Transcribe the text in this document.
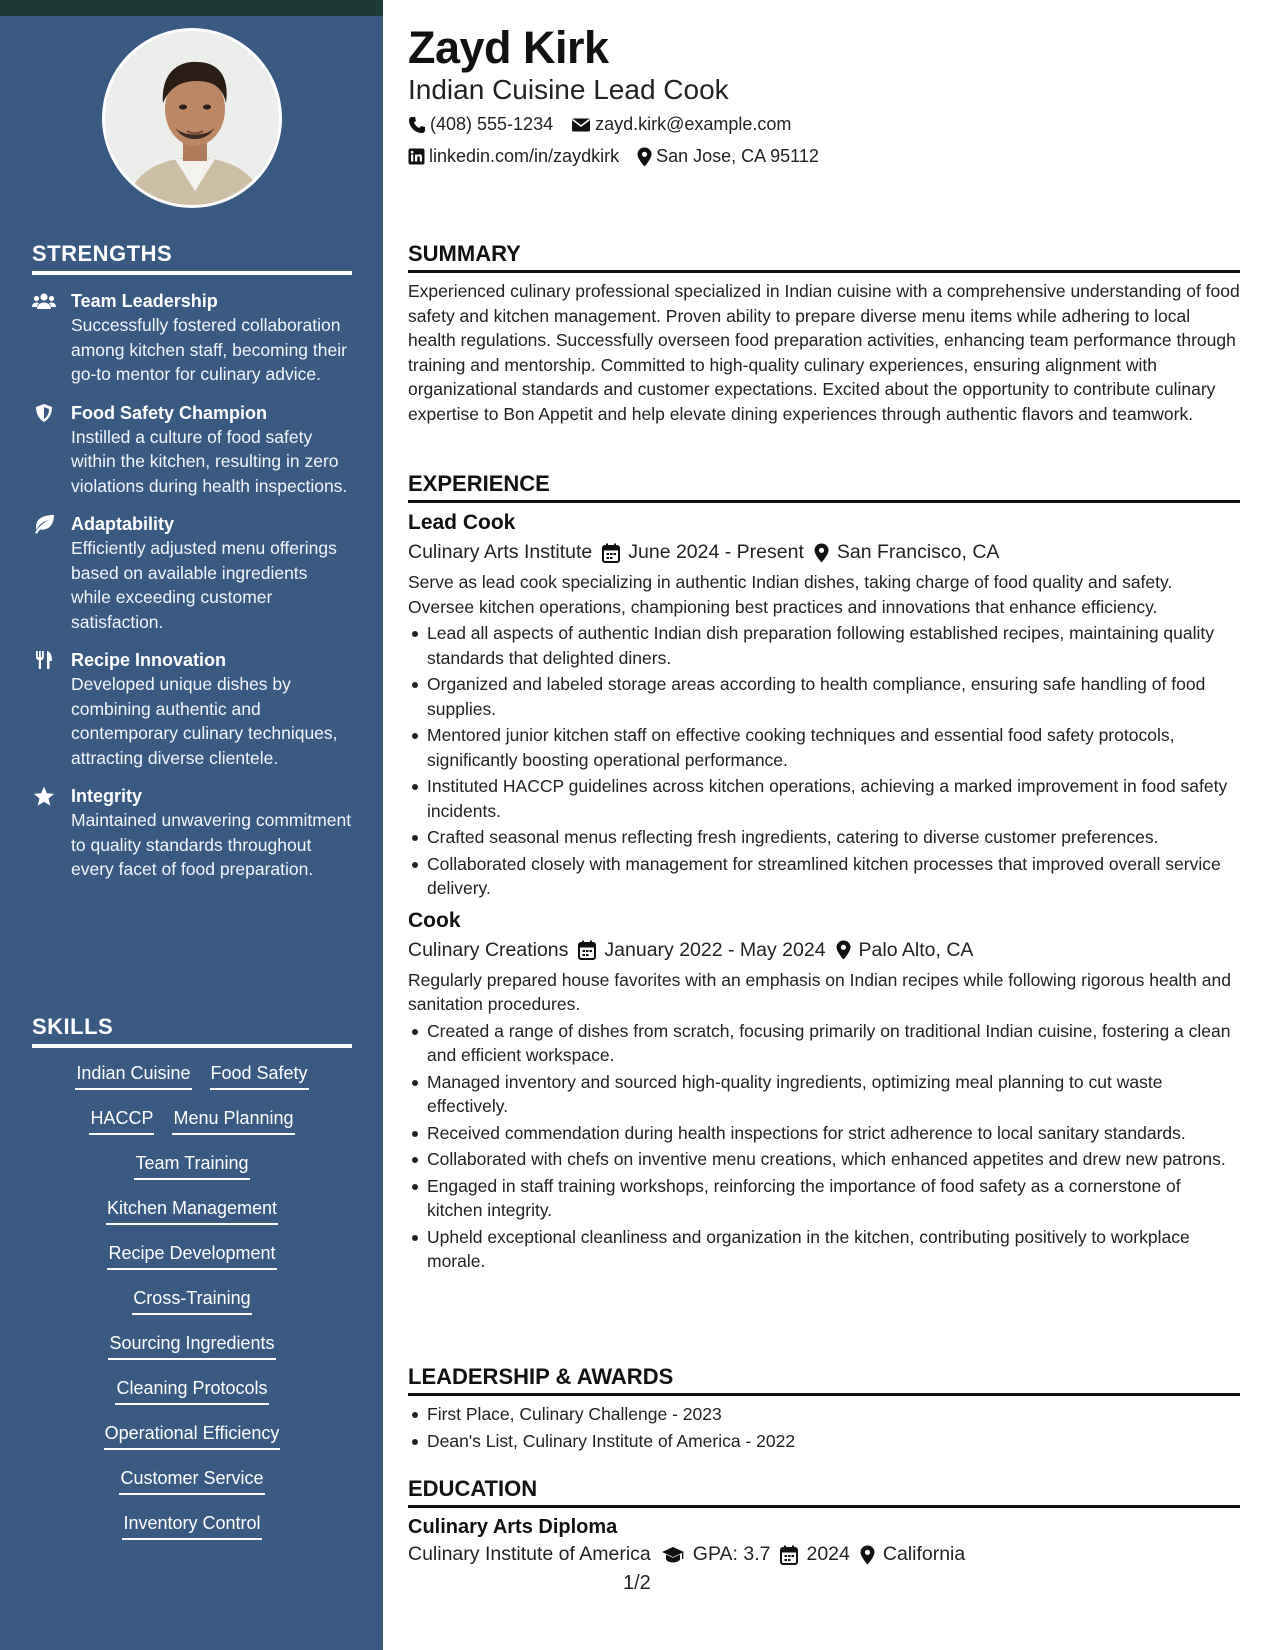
STRENGTHS
Team Leadership
Successfully fostered collaboration among kitchen staff, becoming their go-to mentor for culinary advice.
Food Safety Champion
Instilled a culture of food safety within the kitchen, resulting in zero violations during health inspections.
Adaptability
Efficiently adjusted menu offerings based on available ingredients while exceeding customer satisfaction.
Recipe Innovation
Developed unique dishes by combining authentic and contemporary culinary techniques, attracting diverse clientele.
Integrity
Maintained unwavering commitment to quality standards throughout every facet of food preparation.
SKILLS
Indian Cuisine Food Safety
HACCP Menu Planning
Team Training
Kitchen Management
Recipe Development
Cross-Training
Sourcing Ingredients
Cleaning Protocols
Operational Efficiency
Customer Service
Inventory Control
Zayd Kirk
Indian Cuisine Lead Cook
(408) 555-1234 zayd.kirk@example.com
linkedin.com/in/zaydkirk San Jose, CA 95112
SUMMARY
Experienced culinary professional specialized in Indian cuisine with a comprehensive understanding of food safety and kitchen management. Proven ability to prepare diverse menu items while adhering to local health regulations. Successfully overseen food preparation activities, enhancing team performance through training and mentorship. Committed to high-quality culinary experiences, ensuring alignment with organizational standards and customer expectations. Excited about the opportunity to contribute culinary expertise to Bon Appetit and help elevate dining experiences through authentic flavors and teamwork.
EXPERIENCE
Lead Cook
Culinary Arts Institute June 2024 - Present San Francisco, CA
Serve as lead cook specializing in authentic Indian dishes, taking charge of food quality and safety. Oversee kitchen operations, championing best practices and innovations that enhance efficiency.
Lead all aspects of authentic Indian dish preparation following established recipes, maintaining quality standards that delighted diners.
Organized and labeled storage areas according to health compliance, ensuring safe handling of food supplies.
Mentored junior kitchen staff on effective cooking techniques and essential food safety protocols, significantly boosting operational performance.
Instituted HACCP guidelines across kitchen operations, achieving a marked improvement in food safety incidents.
Crafted seasonal menus reflecting fresh ingredients, catering to diverse customer preferences.
Collaborated closely with management for streamlined kitchen processes that improved overall service delivery.
Cook
Culinary Creations January 2022 - May 2024 Palo Alto, CA
Regularly prepared house favorites with an emphasis on Indian recipes while following rigorous health and sanitation procedures.
Created a range of dishes from scratch, focusing primarily on traditional Indian cuisine, fostering a clean and efficient workspace.
Managed inventory and sourced high-quality ingredients, optimizing meal planning to cut waste effectively.
Received commendation during health inspections for strict adherence to local sanitary standards.
Collaborated with chefs on inventive menu creations, which enhanced appetites and drew new patrons.
Engaged in staff training workshops, reinforcing the importance of food safety as a cornerstone of kitchen integrity.
Upheld exceptional cleanliness and organization in the kitchen, contributing positively to workplace morale.
LEADERSHIP & AWARDS
First Place, Culinary Challenge - 2023
Dean's List, Culinary Institute of America - 2022
EDUCATION
Culinary Arts Diploma
Culinary Institute of America GPA: 3.7 2024 California
1/2
